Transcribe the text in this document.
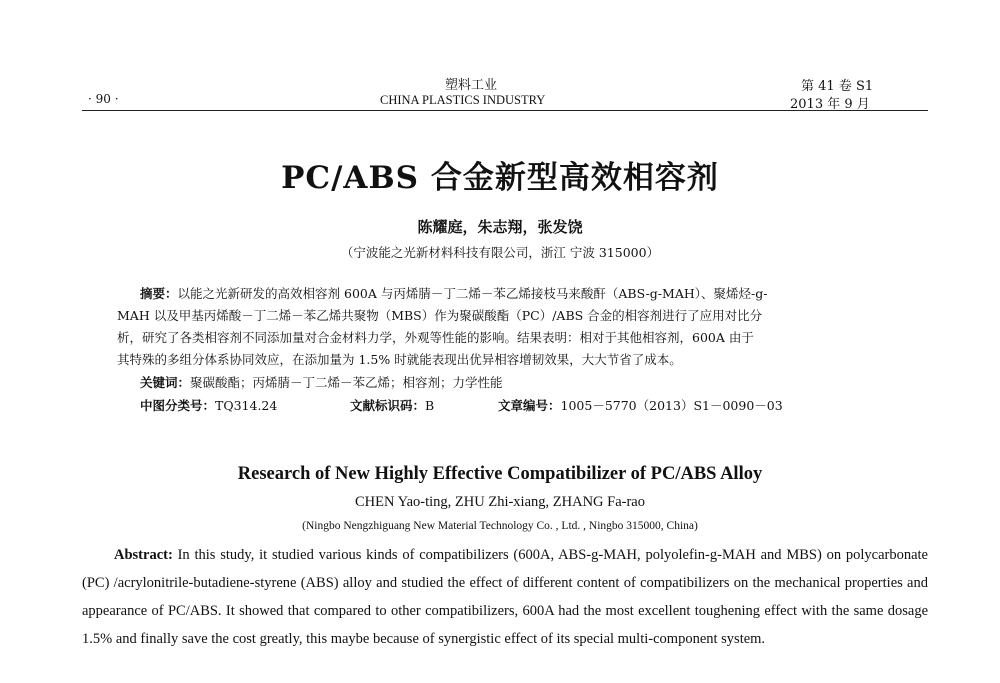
· 90 ·
塑料工业
CHINA PLASTICS INDUSTRY
第 41 卷 S1
2013 年 9 月
PC/ABS 合金新型高效相容剂
陈耀庭，朱志翔，张发饶
（宁波能之光新材料科技有限公司，浙江 宁波 315000）
摘要：以能之光新研发的高效相容剂 600A 与丙烯腈－丁二烯－苯乙烯接枝马来酸酐（ABS-g-MAH）、聚烯烃-g-
MAH 以及甲基丙烯酸－丁二烯－苯乙烯共聚物（MBS）作为聚碳酸酯（PC）/ABS 合金的相容剂进行了应用对比分
析，研究了各类相容剂不同添加量对合金材料力学，外观等性能的影响。结果表明：相对于其他相容剂，600A 由于
其特殊的多组分体系协同效应，在添加量为 1.5% 时就能表现出优异相容增韧效果，大大节省了成本。
关键词：聚碳酸酯；丙烯腈－丁二烯－苯乙烯；相容剂；力学性能
中图分类号：TQ314.24	文献标识码：B	文章编号：1005－5770（2013）S1－0090－03
Research of New Highly Effective Compatibilizer of PC/ABS Alloy
CHEN Yao-ting, ZHU Zhi-xiang, ZHANG Fa-rao
(Ningbo Nengzhiguang New Material Technology Co. , Ltd. , Ningbo 315000, China)
Abstract: In this study, it studied various kinds of compatibilizers (600A, ABS-g-MAH, polyolefin-g-MAH and MBS) on polycarbonate (PC) /acrylonitrile-butadiene-styrene (ABS) alloy and studied the effect of different content of compatibilizers on the mechanical properties and appearance of PC/ABS. It showed that compared to other compatibilizers, 600A had the most excellent toughening effect with the same dosage 1.5% and finally save the cost greatly, this maybe because of synergistic effect of its special multi-component system.
